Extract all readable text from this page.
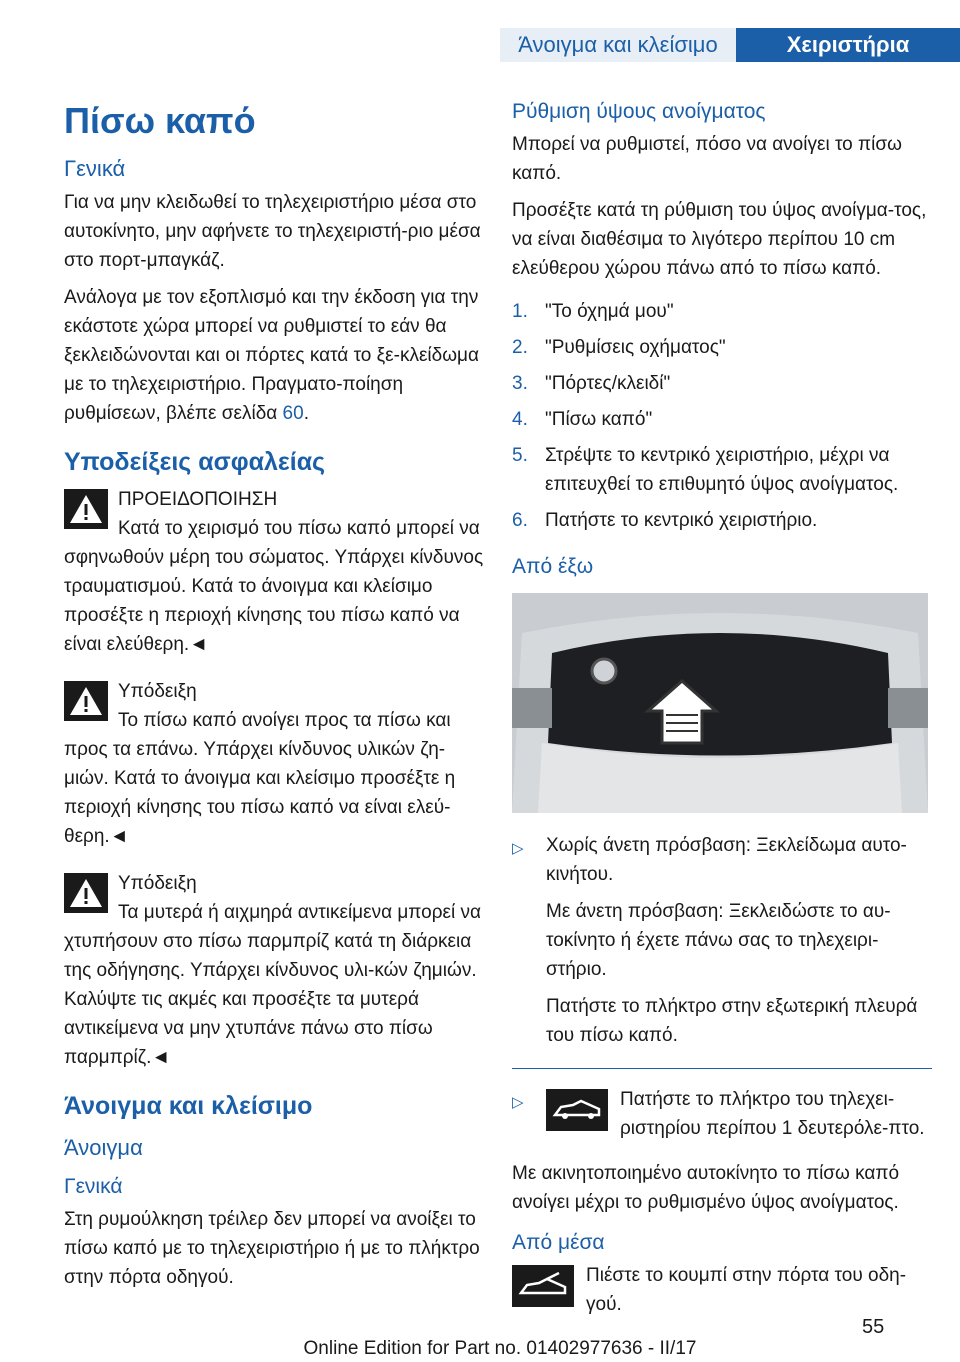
Άνοιγμα και κλείσιμο	Χειριστήρια
Πίσω καπό
Γενικά

Για να μην κλειδωθεί το τηλεχειριστήριο μέσα στο αυτοκίνητο, μην αφήνετε το τηλεχειριστή-ριο μέσα στο πορτ-μπαγκάζ.

Ανάλογα με τον εξοπλισμό και την έκδοση για την εκάστοτε χώρα μπορεί να ρυθμιστεί το εάν θα ξεκλειδώνονται και οι πόρτες κατά το ξε-κλείδωμα με το τηλεχειριστήριο. Πραγματο-ποίηση ρυθμίσεων, βλέπε σελίδα 60.

Υποδείξεις ασφαλείας

ΠΡΟΕΙΔΟΠΟΙΗΣΗ

Κατά το χειρισμό του πίσω καπό μπορεί να σφηνωθούν μέρη του σώματος. Υπάρχει κίνδυνος τραυματισμού. Κατά το άνοιγμα και κλείσιμο προσέξτε η περιοχή κίνησης του πίσω καπό να είναι ελεύθερη.◄

Υπόδειξη

Το πίσω καπό ανοίγει προς τα πίσω και προς τα επάνω. Υπάρχει κίνδυνος υλικών ζη-μιών. Κατά το άνοιγμα και κλείσιμο προσέξτε η περιοχή κίνησης του πίσω καπό να είναι ελεύ-θερη.◄

Υπόδειξη

Τα μυτερά ή αιχμηρά αντικείμενα μπορεί να χτυπήσουν στο πίσω παρμπρίζ κατά τη διάρκεια της οδήγησης. Υπάρχει κίνδυνος υλι-κών ζημιών. Καλύψτε τις ακμές και προσέξτε τα μυτερά αντικείμενα να μην χτυπάνε πάνω στο πίσω παρμπρίζ.◄

Άνοιγμα και κλείσιμο
Άνοιγμα
Γενικά

Στη ρυμούλκηση τρέιλερ δεν μπορεί να ανοίξει το πίσω καπό με το τηλεχειριστήριο ή με το πλήκτρο στην πόρτα οδηγού.

Ρύθμιση ύψους ανοίγματος

Μπορεί να ρυθμιστεί, πόσο να ανοίγει το πίσω καπό.

Προσέξτε κατά τη ρύθμιση του ύψος ανοίγμα-τος, να είναι διαθέσιμα το λιγότερο περίπου 10 cm ελεύθερου χώρου πάνω από το πίσω καπό.

1. "Το όχημά μου"
2. "Ρυθμίσεις οχήματος"
3. "Πόρτες/κλειδί"
4. "Πίσω καπό"
5. Στρέψτε το κεντρικό χειριστήριο, μέχρι να επιτευχθεί το επιθυμητό ύψος ανοίγματος.
6. Πατήστε το κεντρικό χειριστήριο.
Από έξω
▷	Χωρίς άνετη πρόσβαση: Ξεκλείδωμα αυτο-κινήτου.

Με άνετη πρόσβαση: Ξεκλειδώστε το αυ-τοκίνητο ή έχετε πάνω σας το τηλεχειρι-στήριο.

Πατήστε το πλήκτρο στην εξωτερική πλευρά του πίσω καπό.

▷	Πατήστε το πλήκτρο του τηλεχει-ριστηρίου περίπου 1 δευτερόλε-πτο.

Με ακινητοποιημένο αυτοκίνητο το πίσω καπό ανοίγει μέχρι το ρυθμισμένο ύψος ανοίγματος.

Από μέσα

Πιέστε το κουμπί στην πόρτα του οδη-γού.

55
Online Edition for Part no. 01402977636 - II/17
